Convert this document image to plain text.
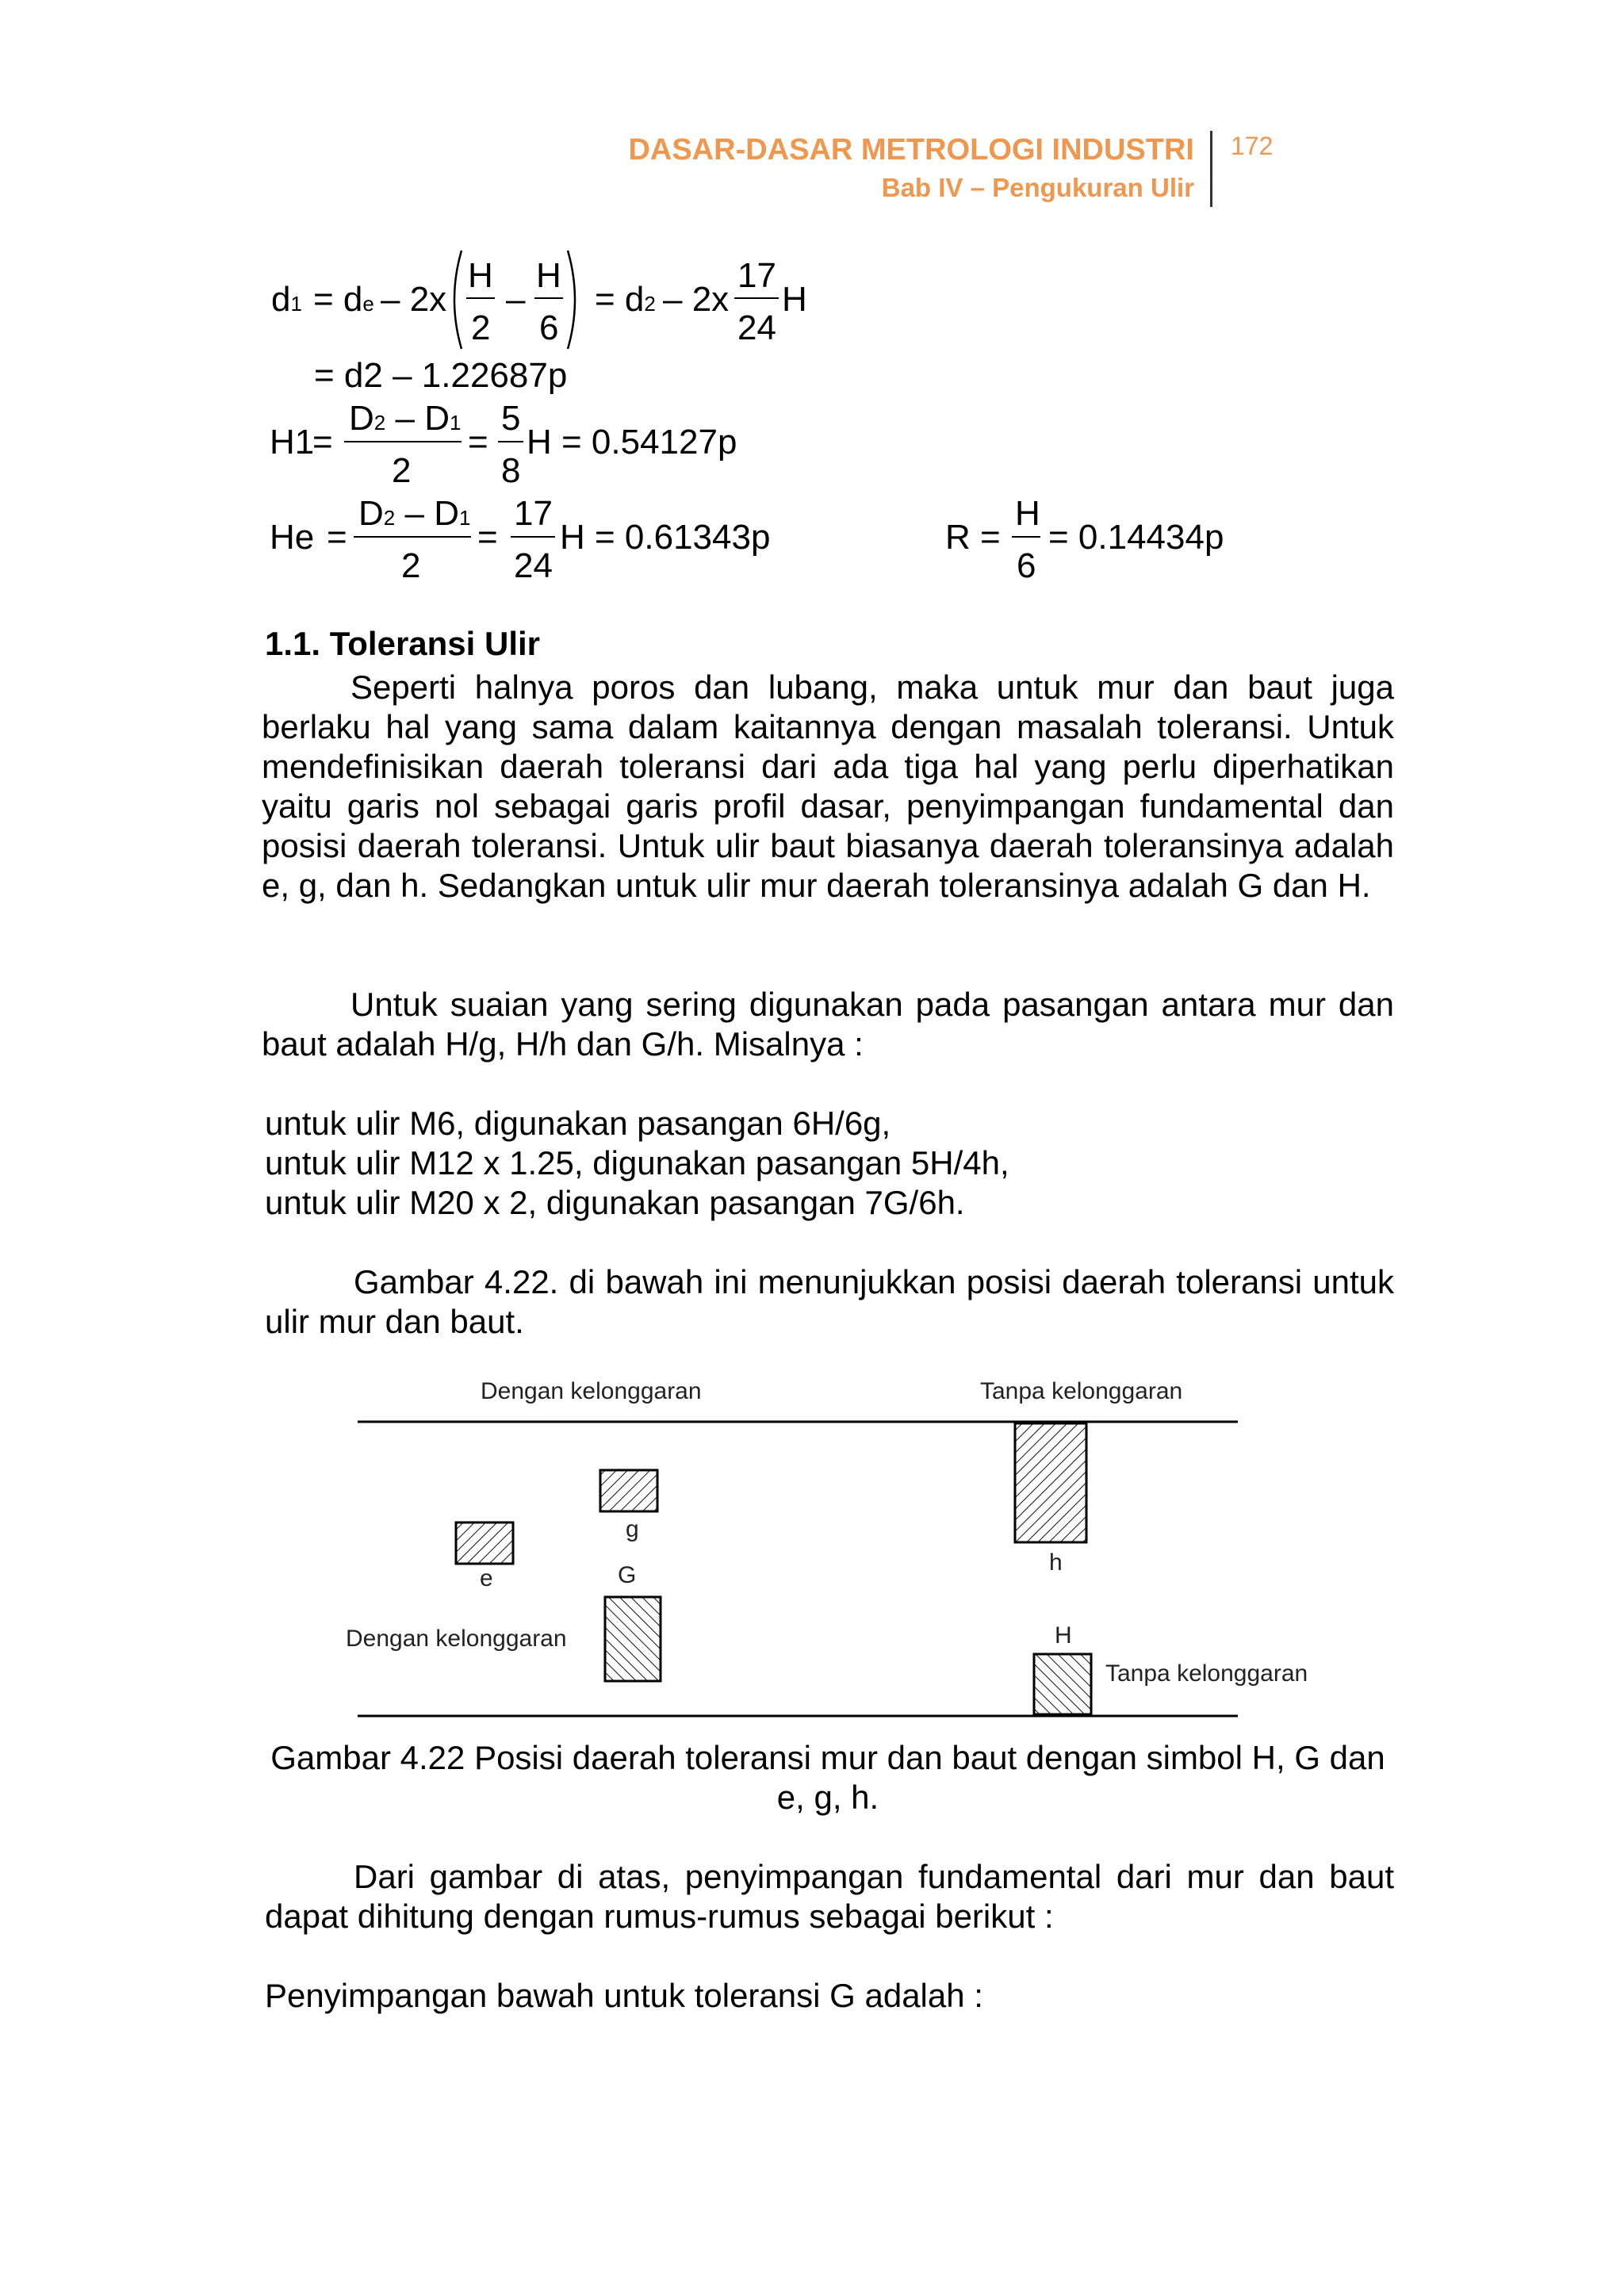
DASAR-DASAR METROLOGI INDUSTRI
Bab IV – Pengukuran Ulir
172
d1 = de – 2x
H
2
–
H
6
= d2 – 2x
17
24
H
= d2 – 1.22687p
H1
=
D2 – D1
2
=
5
8
H = 0.54127p
He =
D2 – D1
2
=
17
24
H = 0.61343p	R =
H
6
= 0.14434p
1.1. Toleransi Ulir
Seperti halnya poros dan lubang, maka untuk mur dan baut juga berlaku hal yang sama dalam kaitannya dengan masalah toleransi. Untuk mendefinisikan daerah toleransi dari ada tiga hal yang perlu diperhatikan yaitu garis nol sebagai garis profil dasar, penyimpangan fundamental dan posisi daerah toleransi. Untuk ulir baut biasanya daerah toleransinya adalah e, g, dan h. Sedangkan untuk ulir mur daerah toleransinya adalah G dan H.
Untuk suaian yang sering digunakan pada pasangan antara mur dan baut adalah H/g, H/h dan G/h. Misalnya :
untuk ulir M6, digunakan pasangan 6H/6g,
untuk ulir M12 x 1.25, digunakan pasangan 5H/4h,
untuk ulir M20 x 2, digunakan pasangan 7G/6h.
Gambar 4.22. di bawah ini menunjukkan posisi daerah toleransi untuk ulir mur dan baut.
Dengan kelonggaran	Tanpa kelonggaran
Dengan kelonggaran
Tanpa kelonggaran
e
g
G	h
H
Gambar 4.22 Posisi daerah toleransi mur dan baut dengan simbol H, G dan e, g, h.
Dari gambar di atas, penyimpangan fundamental dari mur dan baut dapat dihitung dengan rumus-rumus sebagai berikut :
Penyimpangan bawah untuk toleransi G adalah :
